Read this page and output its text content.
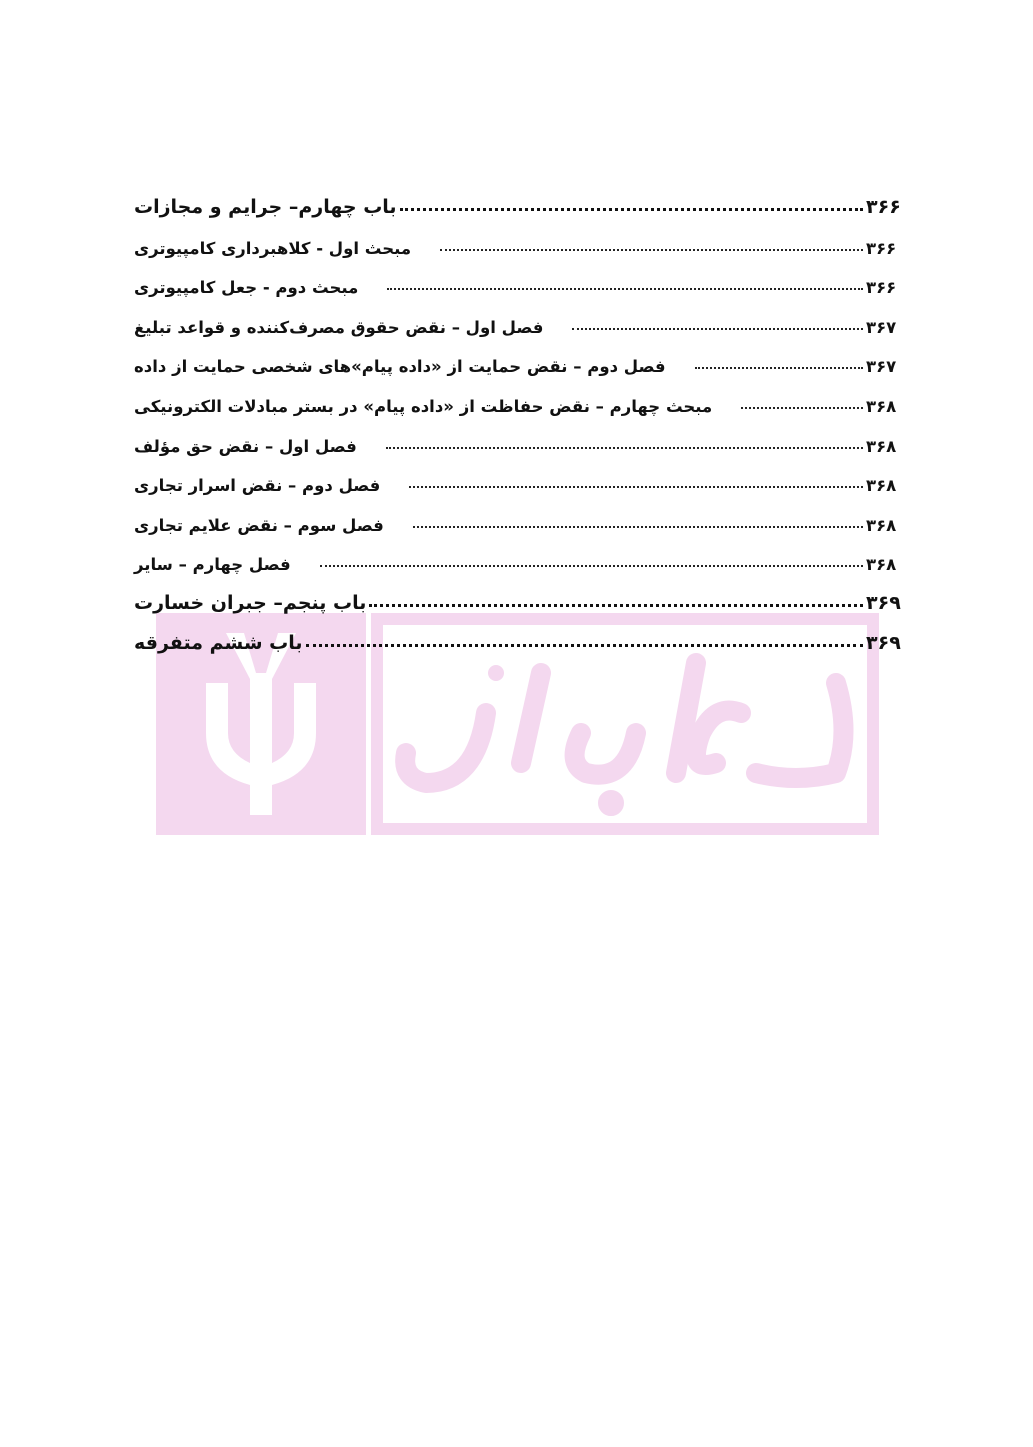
باب چهارم– جرایم و مجازات	۳۶۶
مبحث اول - کلاهبرداری کامپیوتری	۳۶۶
مبحث دوم - جعل کامپیوتری	۳۶۶
فصل اول – نقض حقوق مصرف‌کننده و قواعد تبلیغ	۳۶۷
فصل دوم – نقض حمایت از «داده پیام»های شخصی حمایت از داده	۳۶۷
مبحث چهارم – نقض حفاظت از «داده پیام» در بستر مبادلات الکترونیکی	۳۶۸
فصل اول – نقض حق مؤلف	۳۶۸
فصل دوم – نقض اسرار تجاری	۳۶۸
فصل سوم – نقض علایم تجاری	۳۶۸
فصل چهارم – سایر	۳۶۸
باب پنجم– جبران خسارت	۳۶۹
باب ششم متفرقه	۳۶۹
